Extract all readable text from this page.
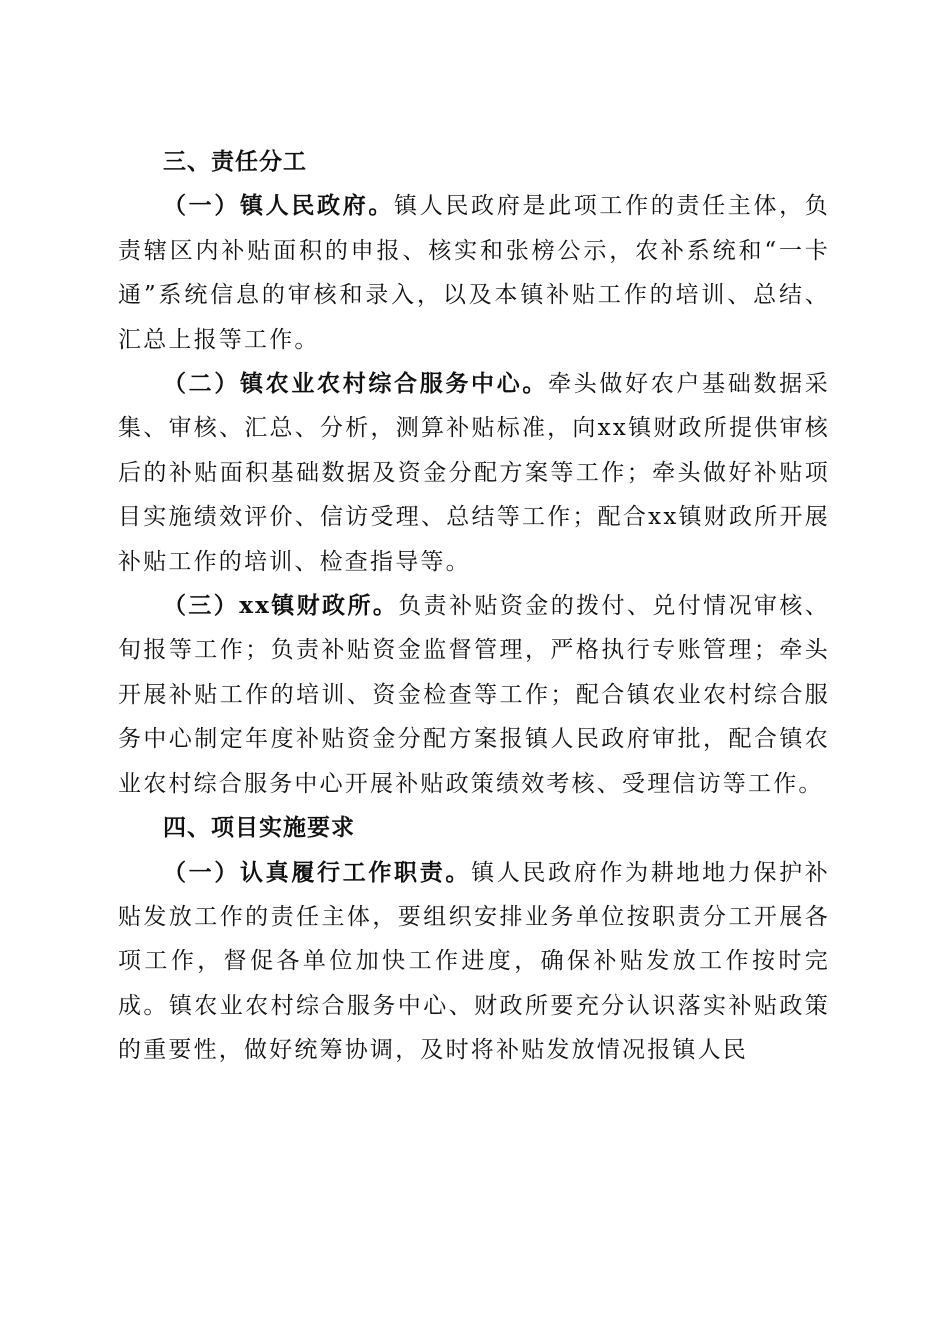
三、责任分工

（一）镇人民政府。镇人民政府是此项工作的责任主体，负责辖区内补贴面积的申报、核实和张榜公示，农补系统和“一卡通”系统信息的审核和录入，以及本镇补贴工作的培训、总结、汇总上报等工作。

（二）镇农业农村综合服务中心。牵头做好农户基础数据采集、审核、汇总、分析，测算补贴标准，向xx镇财政所提供审核后的补贴面积基础数据及资金分配方案等工作；牵头做好补贴项目实施绩效评价、信访受理、总结等工作；配合xx镇财政所开展补贴工作的培训、检查指导等。

（三）xx镇财政所。负责补贴资金的拨付、兑付情况审核、旬报等工作；负责补贴资金监督管理，严格执行专账管理；牵头开展补贴工作的培训、资金检查等工作；配合镇农业农村综合服务中心制定年度补贴资金分配方案报镇人民政府审批，配合镇农业农村综合服务中心开展补贴政策绩效考核、受理信访等工作。

四、项目实施要求

（一）认真履行工作职责。镇人民政府作为耕地地力保护补贴发放工作的责任主体，要组织安排业务单位按职责分工开展各项工作，督促各单位加快工作进度，确保补贴发放工作按时完成。镇农业农村综合服务中心、财政所要充分认识落实补贴政策的重要性，做好统筹协调，及时将补贴发放情况报镇人民
